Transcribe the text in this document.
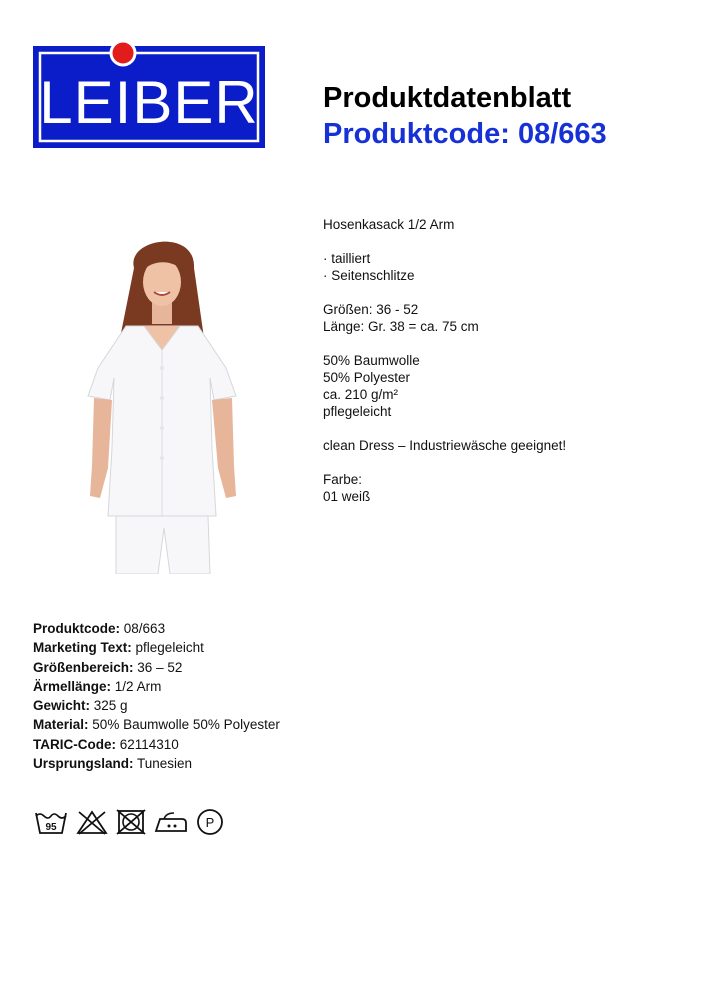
LEIBER Produktdatenblatt
Produktcode: 08/663
Hosenkasack 1/2 Arm
· tailliert
· Seitenschlitze
Größen: 36 - 52
Länge: Gr. 38 = ca. 75 cm
50% Baumwolle
50% Polyester
ca. 210 g/m²
pflegeleicht
clean Dress – Industriewäsche geeignet!
Farbe:
01 weiß
Produktcode: 08/663
Marketing Text: pflegeleicht
Größenbereich: 36 – 52
Ärmellänge: 1/2 Arm
Gewicht: 325 g
Material: 50% Baumwolle 50% Polyester
TARIC-Code: 62114310
Ursprungsland: Tunesien
95	P
